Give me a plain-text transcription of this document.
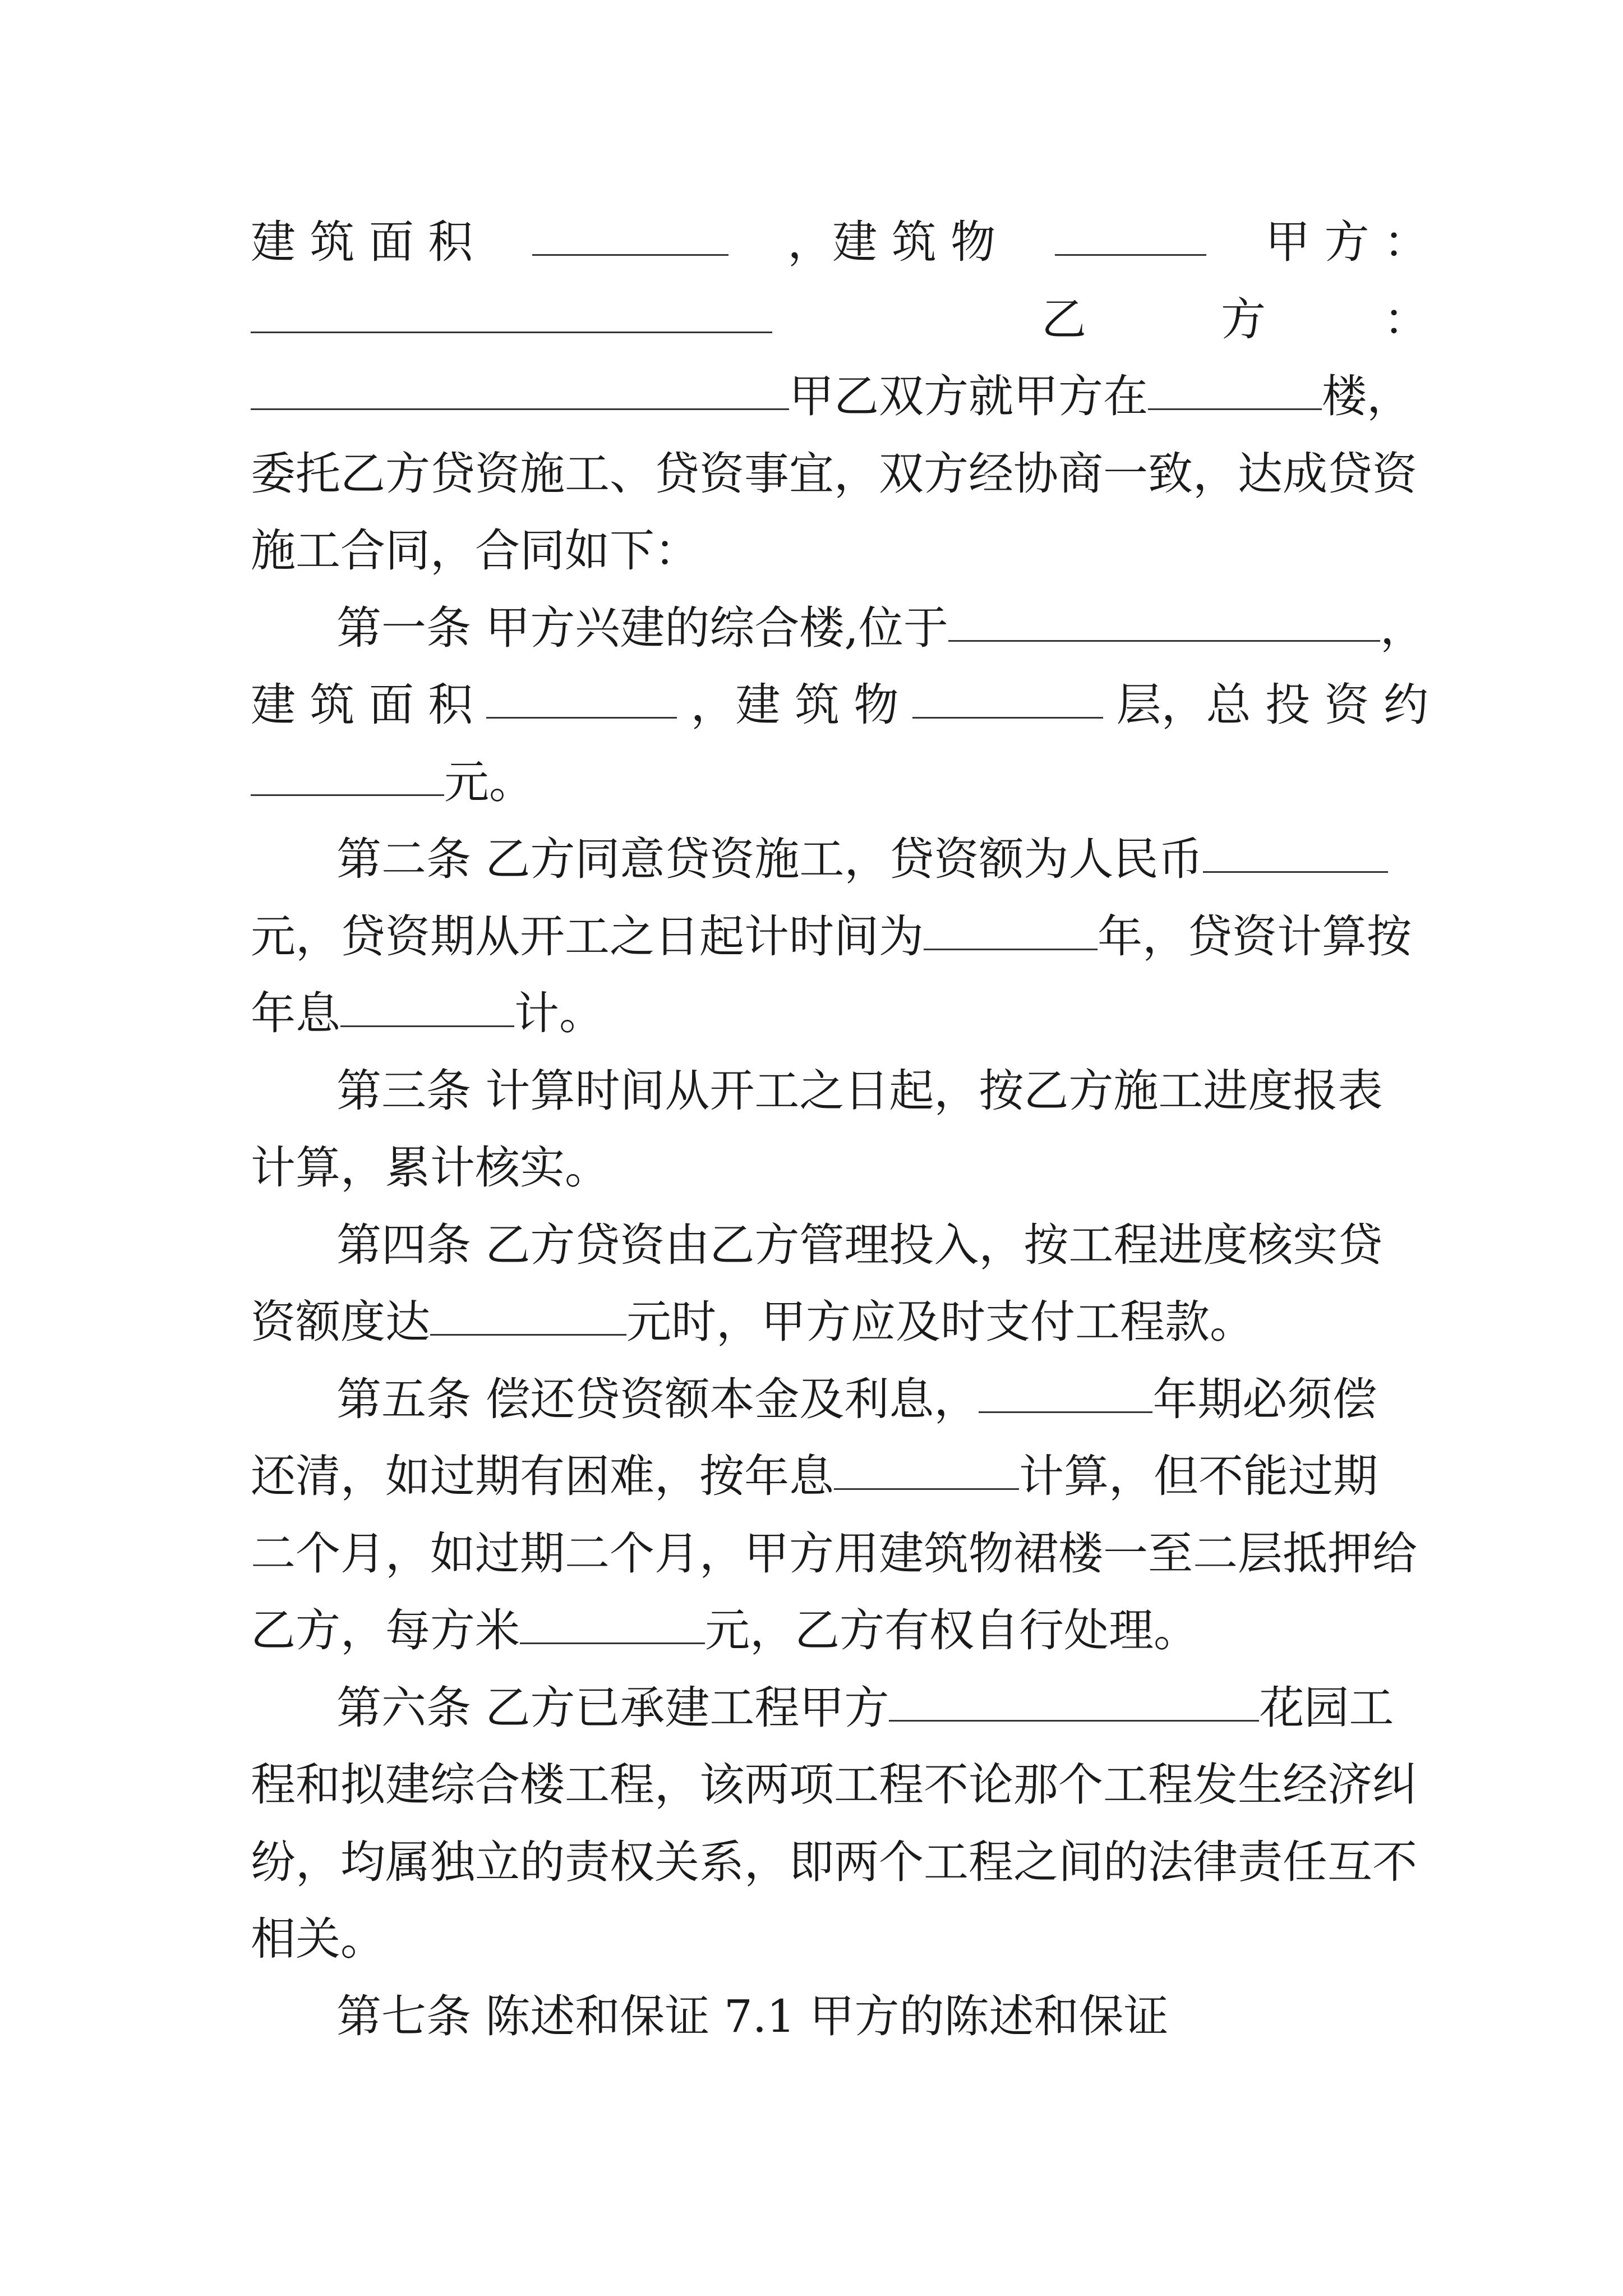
建 筑 面 积	，建 筑 物	甲 方 ：
乙	方	：
甲乙双方就甲方在	楼，
委托乙方贷资施工、贷资事宜，双方经协商一致，达成贷资
施工合同，合同如下：
第一条 甲方兴建的综合楼,位于	，
建 筑 面 积	，建 筑 物	层，总 投 资 约
元。
第二条 乙方同意贷资施工，贷资额为人民币
元，贷资期从开工之日起计时间为	年，贷资计算按
年息	计。
第三条 计算时间从开工之日起，按乙方施工进度报表
计算，累计核实。
第四条 乙方贷资由乙方管理投入，按工程进度核实贷
资额度达	元时，甲方应及时支付工程款。
第五条 偿还贷资额本金及利息，	年期必须偿
还清，如过期有困难，按年息	计算，但不能过期
二个月，如过期二个月，甲方用建筑物裙楼一至二层抵押给
乙方，每方米	元，乙方有权自行处理。
第六条 乙方已承建工程甲方	花园工
程和拟建综合楼工程，该两项工程不论那个工程发生经济纠
纷，均属独立的责权关系，即两个工程之间的法律责任互不
相关。
第七条 陈述和保证 7.1 甲方的陈述和保证
